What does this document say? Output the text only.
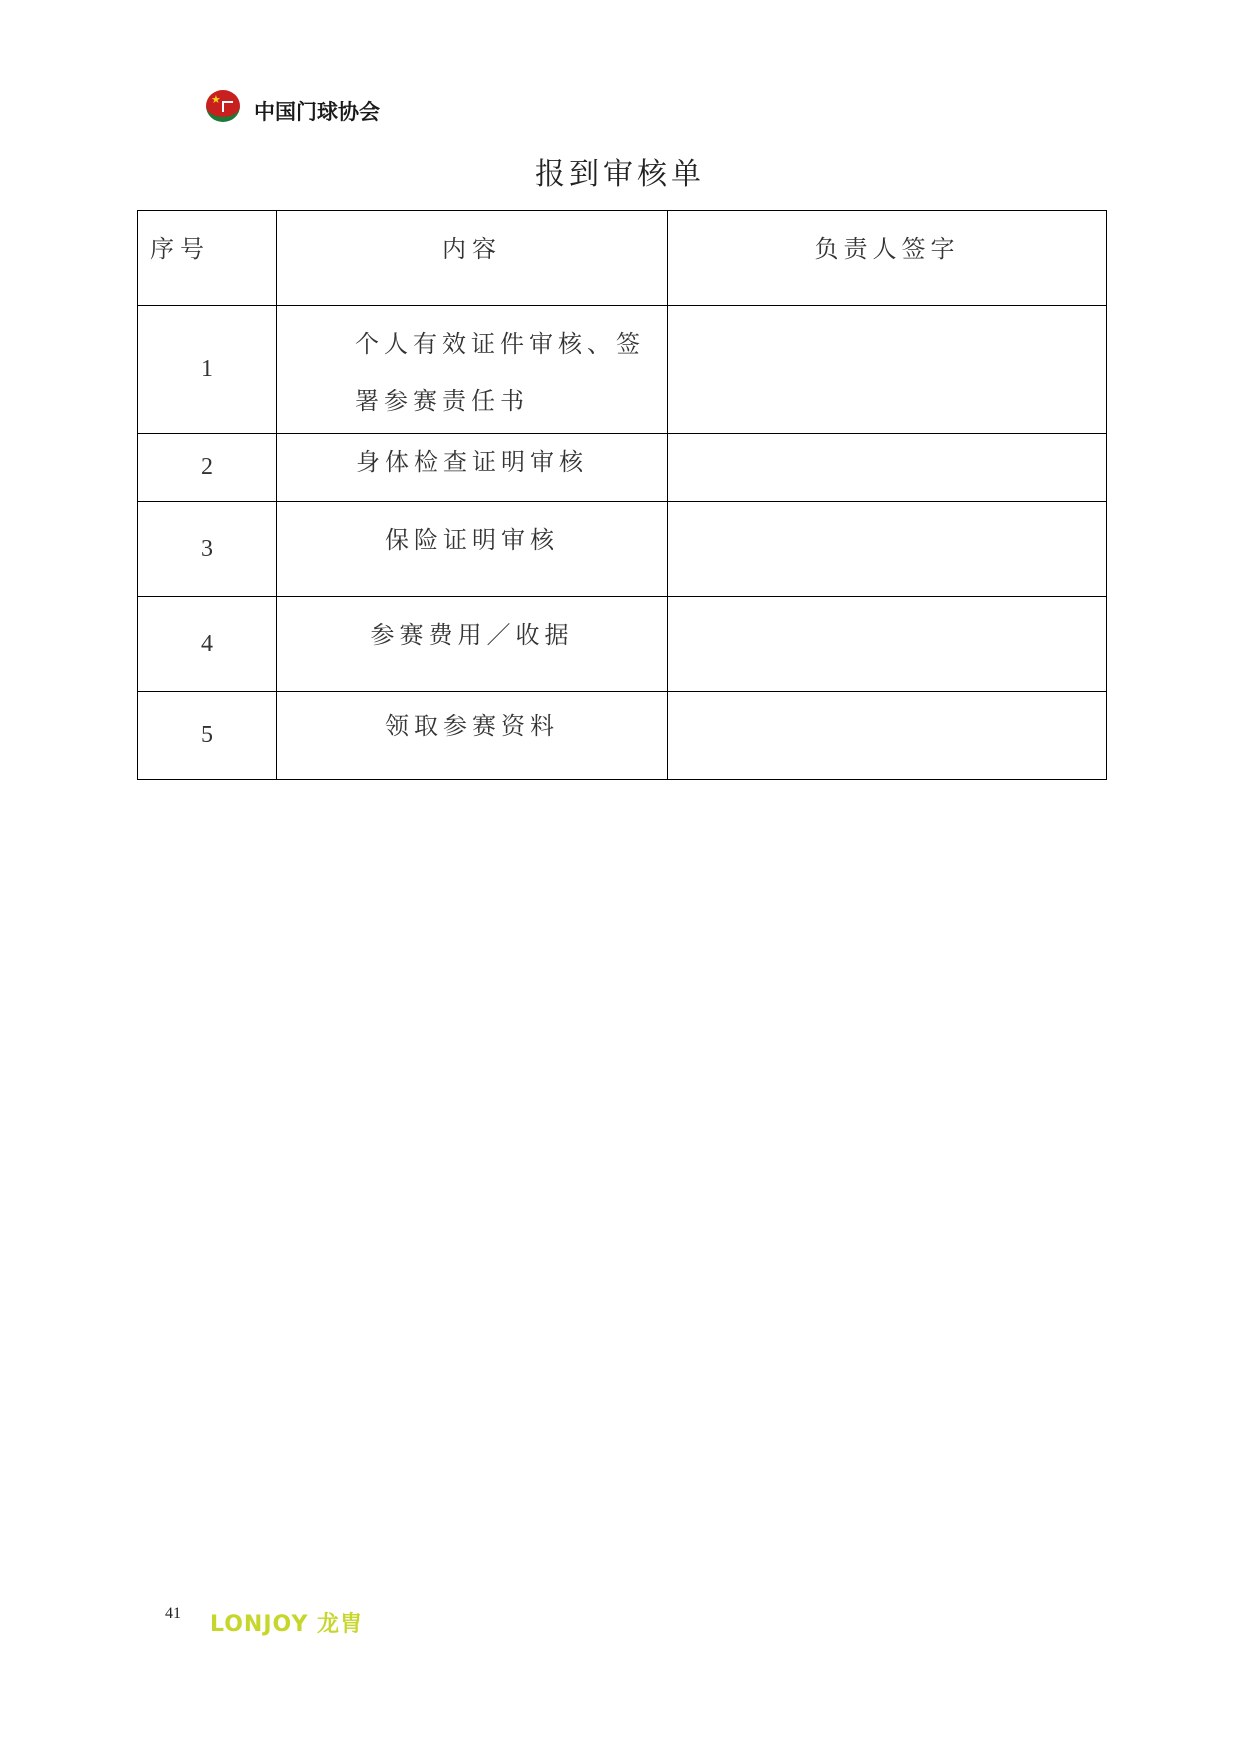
★
中国门球协会
报到审核单
序号	内容	负责人签字
1	个人有效证件审核、签
署参赛责任书	

2	身体检查证明审核	
3	保险证明审核	
4	参赛费用／收据	
5	领取参赛资料	
41 LONJOY 龙胄
